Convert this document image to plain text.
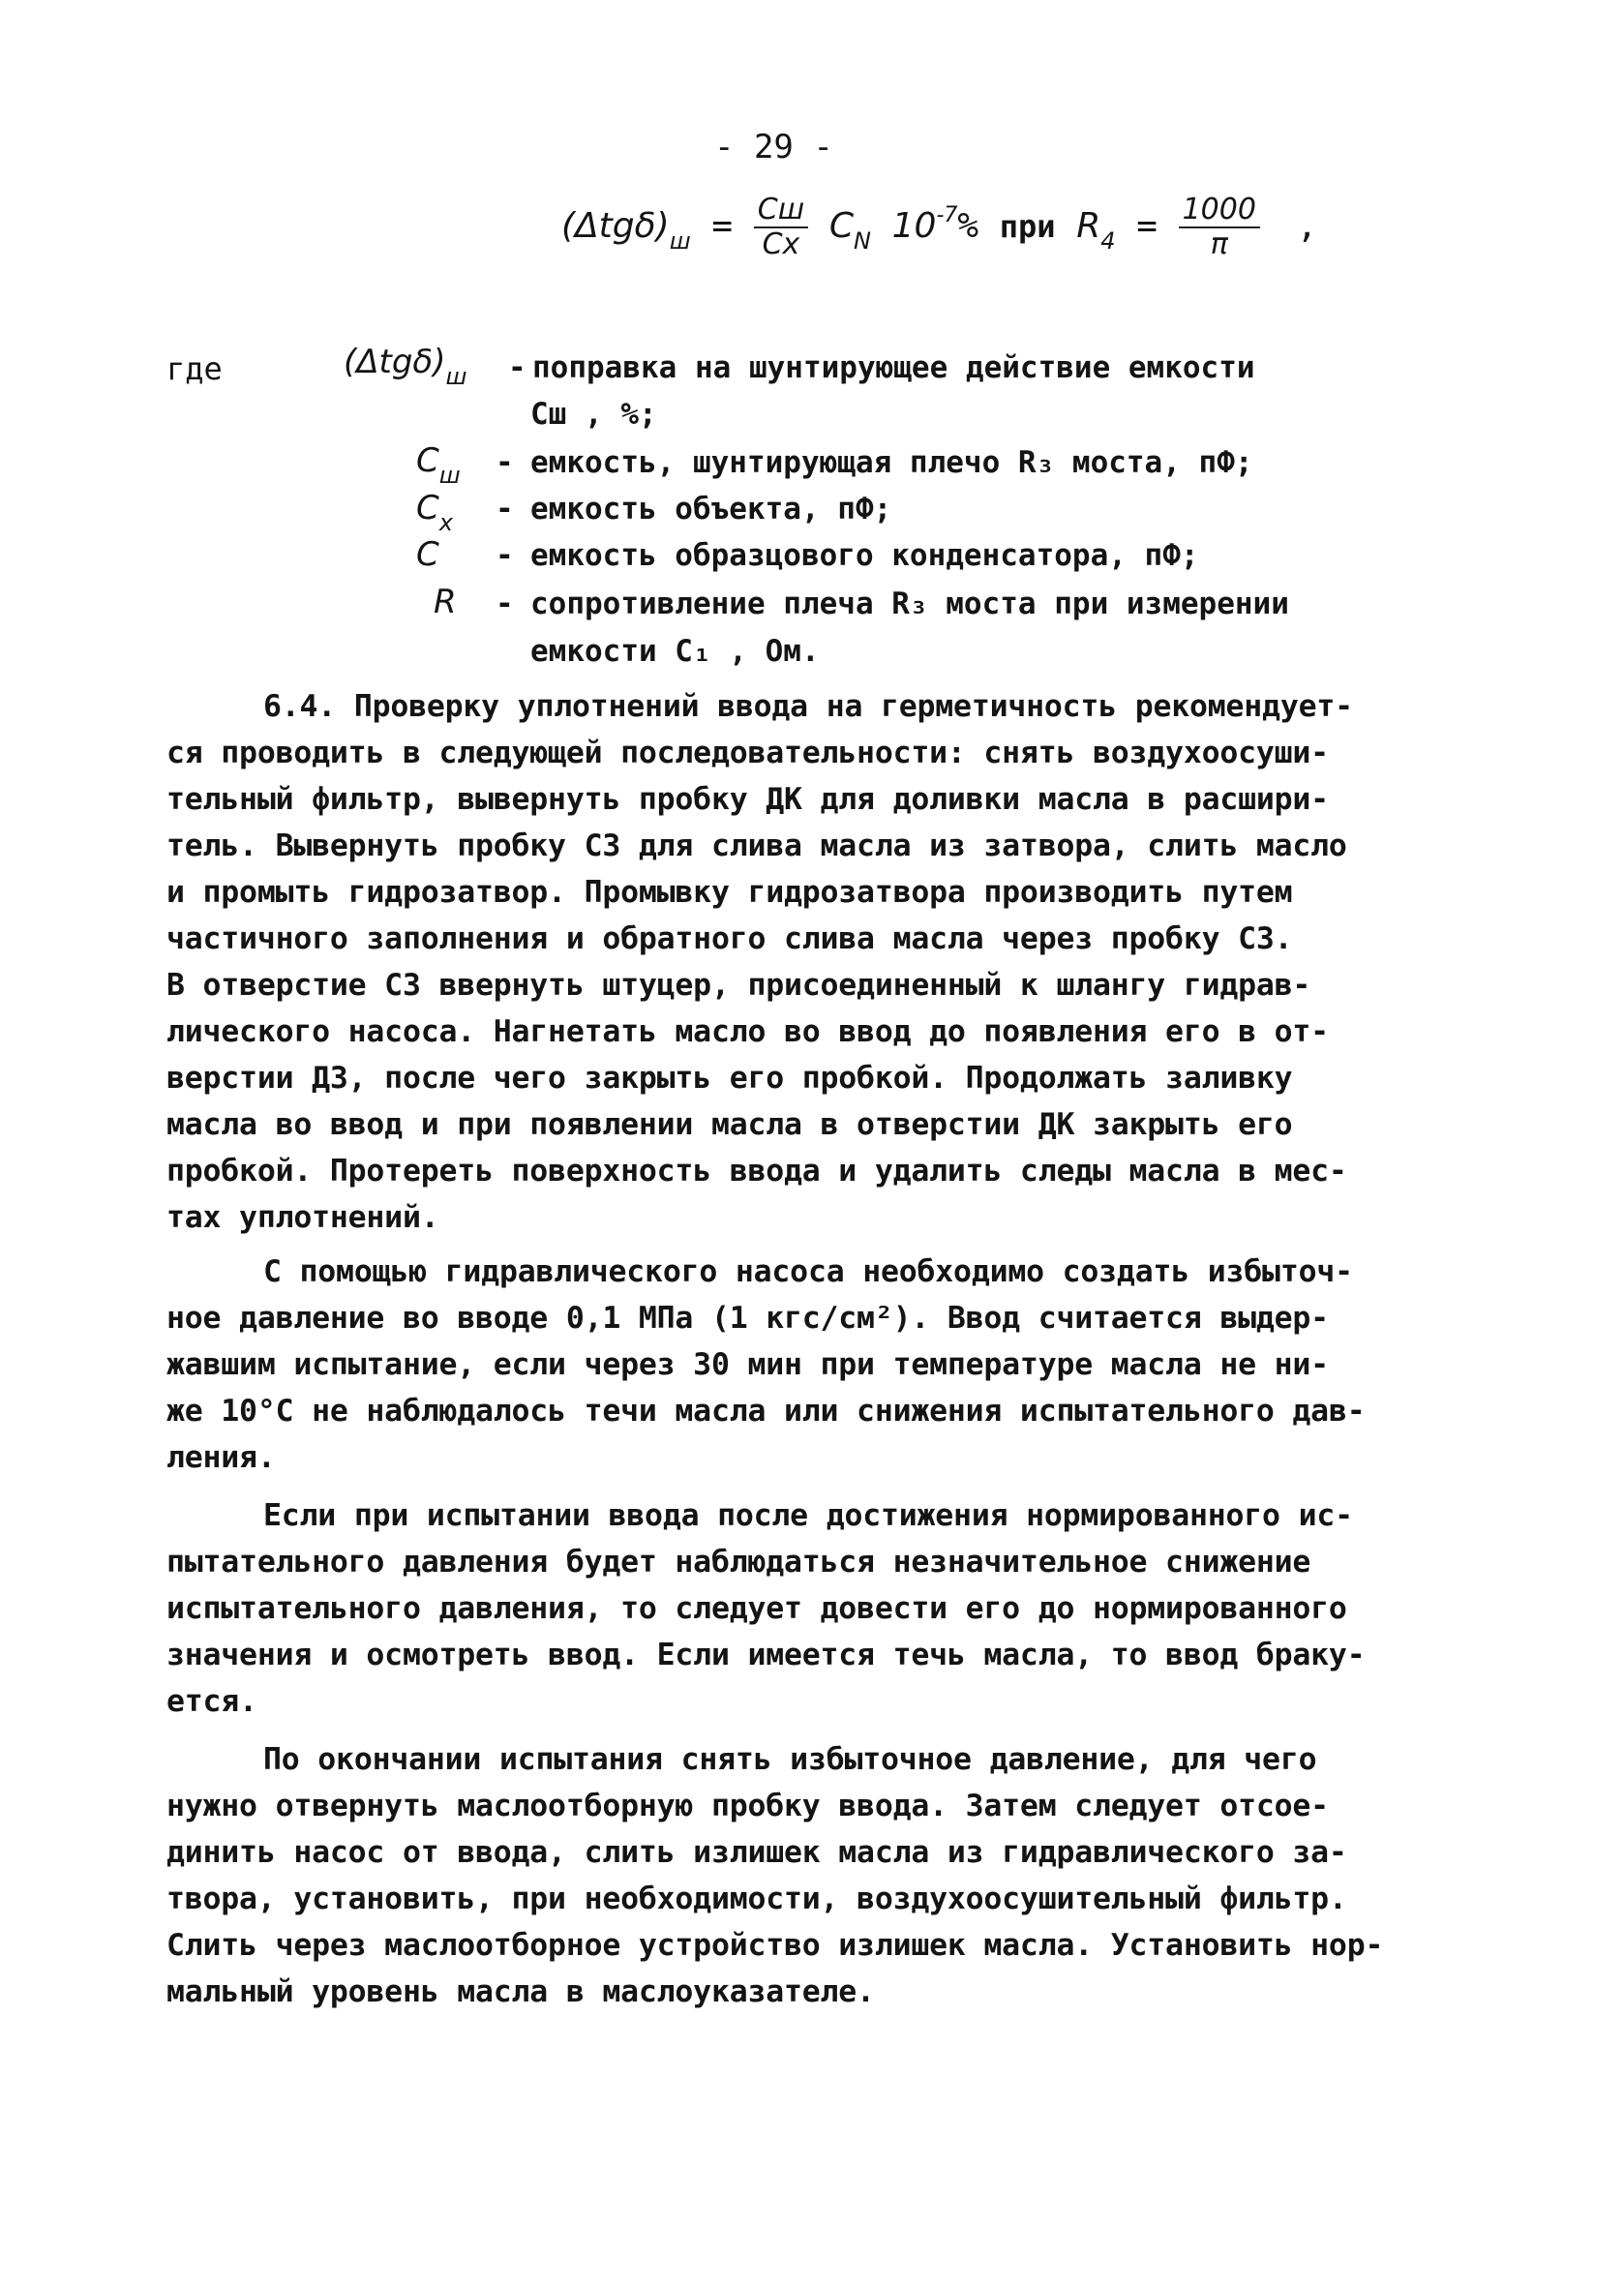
- 29 -
$(\Delta tg\delta)_ш = \frac{Cш}{Cх} C_N$ $10^{-7}\%$ при $R_4 = \frac{1000}{\pi}$ ,
где	$(\Delta tg\delta)_ш$ - поправка на шунтирующее действие емкости
Cш , %;
$C_ш$ - емкость, шунтирующая плечо R₃ моста, пФ;
$C_х$ - емкость объекта, пФ;
C - емкость образцового конденсатора, пФ;
R - сопротивление плеча R₃ моста при измерении
емкости C₁ , Ом.
6.4. Проверку уплотнений ввода на герметичность рекомендует-
ся проводить в следующей последовательности: снять воздухоосуши-
тельный фильтр, вывернуть пробку ДК для доливки масла в расшири-
тель. Вывернуть пробку СЗ для слива масла из затвора, слить масло
и промыть гидрозатвор. Промывку гидрозатвора производить путем
частичного заполнения и обратного слива масла через пробку СЗ.
В отверстие СЗ ввернуть штуцер, присоединенный к шлангу гидрав-
лического насоса. Нагнетать масло во ввод до появления его в от-
верстии ДЗ, после чего закрыть его пробкой. Продолжать заливку
масла во ввод и при появлении масла в отверстии ДК закрыть его
пробкой. Протереть поверхность ввода и удалить следы масла в мес-
тах уплотнений.
С помощью гидравлического насоса необходимо создать избыточ-
ное давление во вводе 0,1 МПа (1 кгс/см²). Ввод считается выдер-
жавшим испытание, если через 30 мин при температуре масла не ни-
же 10°С не наблюдалось течи масла или снижения испытательного дав-
ления.
Если при испытании ввода после достижения нормированного ис-
пытательного давления будет наблюдаться незначительное снижение
испытательного давления, то следует довести его до нормированного
значения и осмотреть ввод. Если имеется течь масла, то ввод браку-
ется.
По окончании испытания снять избыточное давление, для чего
нужно отвернуть маслоотборную пробку ввода. Затем следует отсое-
динить насос от ввода, слить излишек масла из гидравлического за-
твора, установить, при необходимости, воздухоосушительный фильтр.
Слить через маслоотборное устройство излишек масла. Установить нор-
мальный уровень масла в маслоуказателе.
